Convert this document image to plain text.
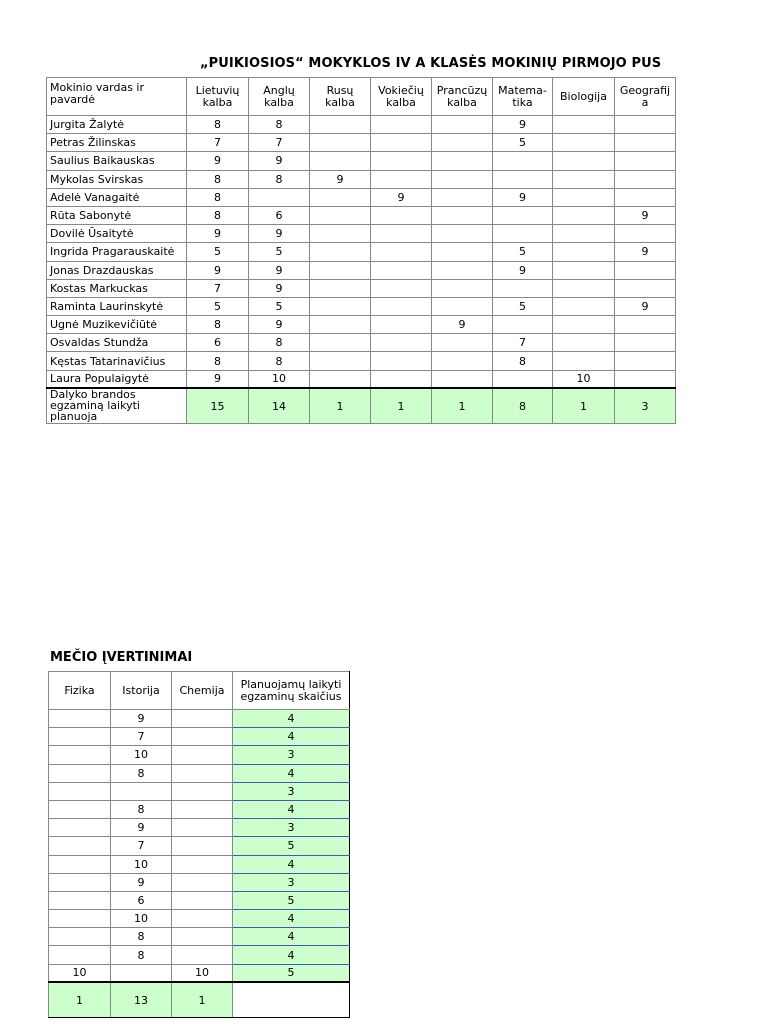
„PUIKIOSIOS“ MOKYKLOS IV A KLASĖS MOKINIŲ PIRMOJO PUS
Mokinio vardas ir pavardė	Lietuvių kalba	Anglų kalba	Rusų kalba	Vokiečių kalba	Prancūzų kalba	Matema-tika	Biologija	Geografij a
Jurgita Žalytė	8	8				9		
Petras Žilinskas	7	7				5		
Saulius Baikauskas	9	9						
Mykolas Svirskas	8	8	9					
Adelė Vanagaitė	8			9		9		
Rūta Sabonytė	8	6						9
Dovilė Ūsaitytė	9	9						
Ingrida Pragarauskaitė	5	5				5		9
Jonas Drazdauskas	9	9				9		
Kostas Markuckas	7	9						
Raminta Laurinskytė	5	5				5		9
Ugnė Muzikevičiūtė	8	9			9			
Osvaldas Stundža	6	8				7		
Kęstas Tatarinavičius	8	8				8		
Laura Populaigytė	9	10					10	
Dalyko brandos egzaminą laikyti planuoja	15	14	1	1	1	8	1	3
MEČIO ĮVERTINIMAI
Fizika	Istorija	Chemija	Planuojamų laikyti egzaminų skaičius
	9		4
	7		4
	10		3
	8		4
			3
	8		4
	9		3
	7		5
	10		4
	9		3
	6		5
	10		4
	8		4
	8		4
10		10	5
1	13	1	
